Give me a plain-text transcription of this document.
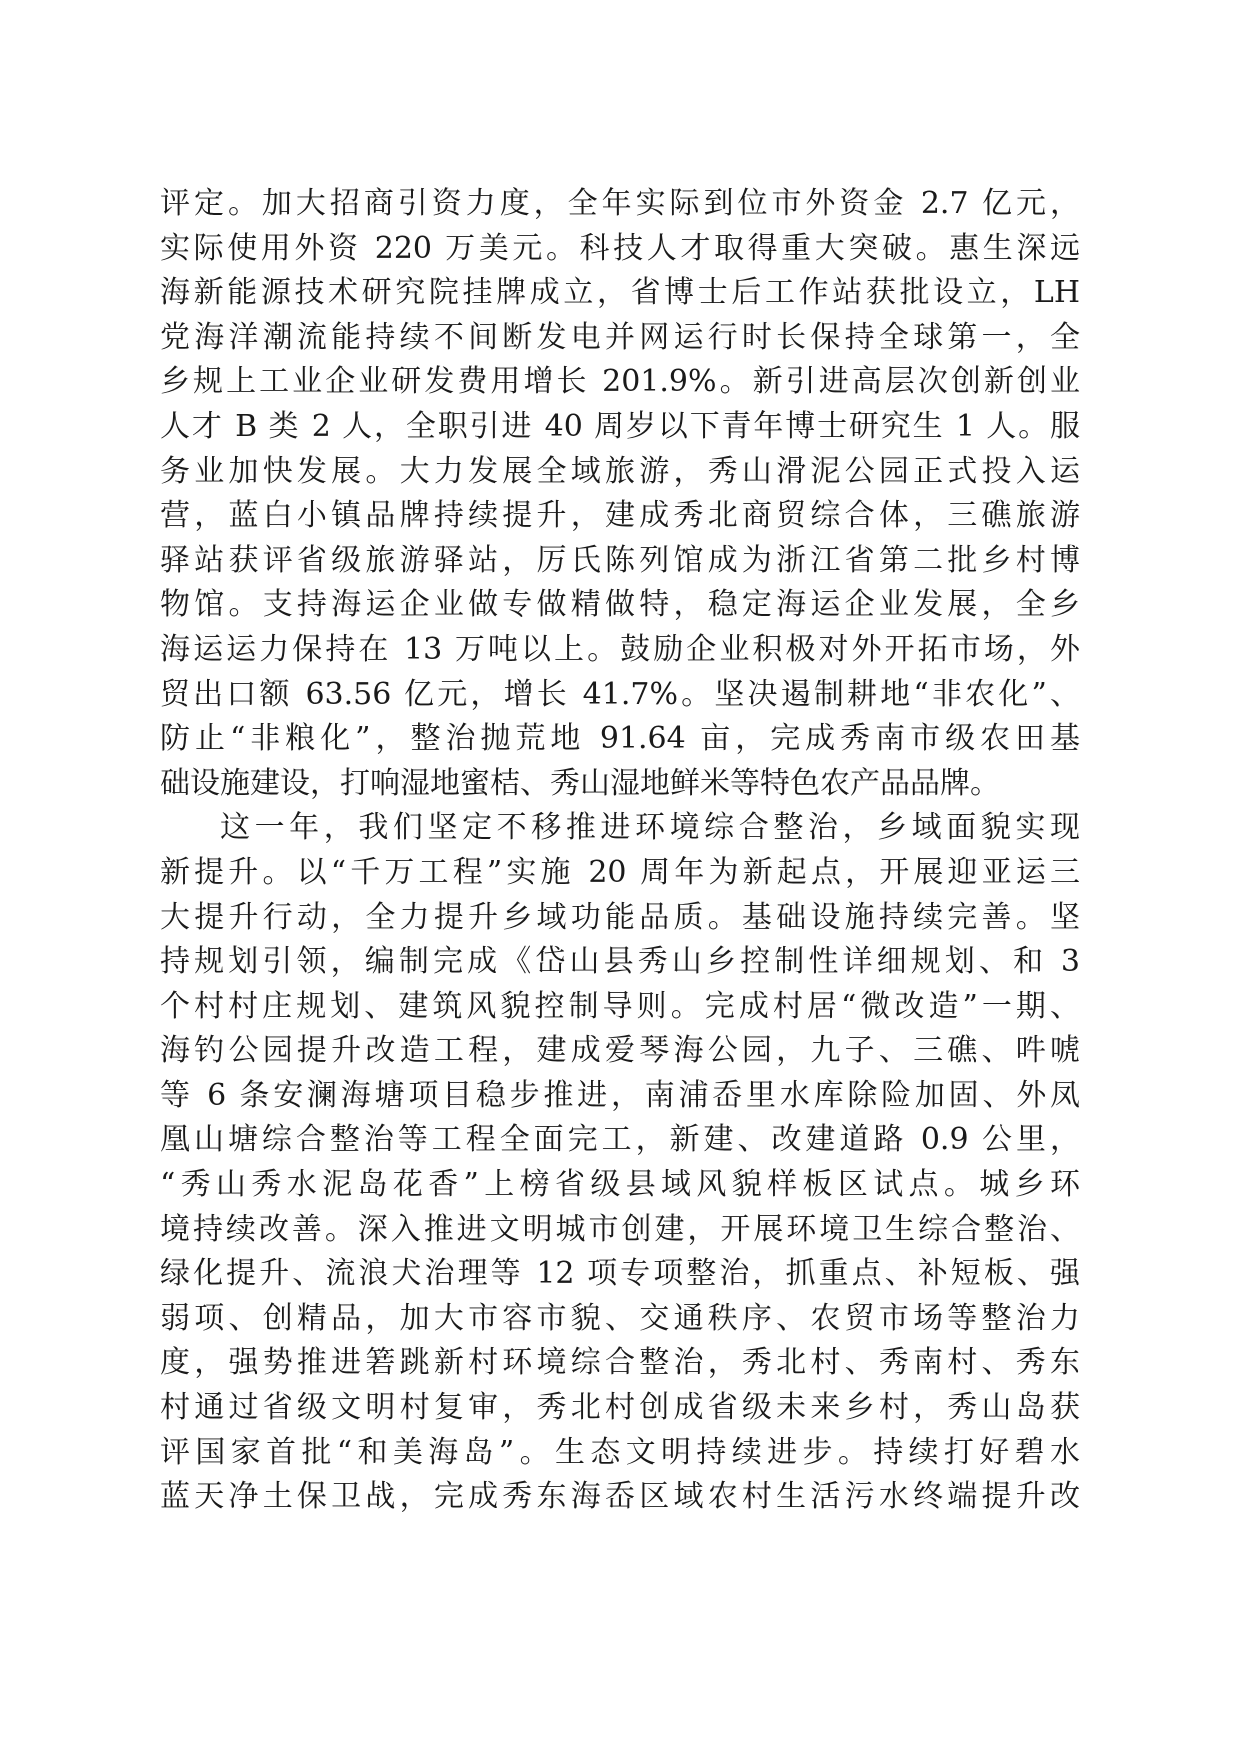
评定。加大招商引资力度，全年实际到位市外资金 2.7 亿元，
实际使用外资 220 万美元。科技人才取得重大突破。惠生深远
海新能源技术研究院挂牌成立，省博士后工作站获批设立，LH
党海洋潮流能持续不间断发电并网运行时长保持全球第一，全
乡规上工业企业研发费用增长 201.9%。新引进高层次创新创业
人才 B 类 2 人，全职引进 40 周岁以下青年博士研究生 1 人。服
务业加快发展。大力发展全域旅游，秀山滑泥公园正式投入运
营，蓝白小镇品牌持续提升，建成秀北商贸综合体，三礁旅游
驿站获评省级旅游驿站，厉氏陈列馆成为浙江省第二批乡村博
物馆。支持海运企业做专做精做特，稳定海运企业发展，全乡
海运运力保持在 13 万吨以上。鼓励企业积极对外开拓市场，外
贸出口额 63.56 亿元，增长 41.7%。坚决遏制耕地“非农化”、
防止“非粮化”，整治抛荒地 91.64 亩，完成秀南市级农田基
础设施建设，打响湿地蜜桔、秀山湿地鲜米等特色农产品品牌。
这一年，我们坚定不移推进环境综合整治，乡域面貌实现
新提升。以“千万工程”实施 20 周年为新起点，开展迎亚运三
大提升行动，全力提升乡域功能品质。基础设施持续完善。坚
持规划引领，编制完成《岱山县秀山乡控制性详细规划、和 3
个村村庄规划、建筑风貌控制导则。完成村居“微改造”一期、
海钓公园提升改造工程，建成爱琴海公园，九子、三礁、吽唬
等 6 条安澜海塘项目稳步推进，南浦岙里水库除险加固、外凤
凰山塘综合整治等工程全面完工，新建、改建道路 0.9 公里，
“秀山秀水泥岛花香”上榜省级县域风貌样板区试点。城乡环
境持续改善。深入推进文明城市创建，开展环境卫生综合整治、
绿化提升、流浪犬治理等 12 项专项整治，抓重点、补短板、强
弱项、创精品，加大市容市貌、交通秩序、农贸市场等整治力
度，强势推进箬跳新村环境综合整治，秀北村、秀南村、秀东
村通过省级文明村复审，秀北村创成省级未来乡村，秀山岛获
评国家首批“和美海岛”。生态文明持续进步。持续打好碧水
蓝天净土保卫战，完成秀东海岙区域农村生活污水终端提升改
